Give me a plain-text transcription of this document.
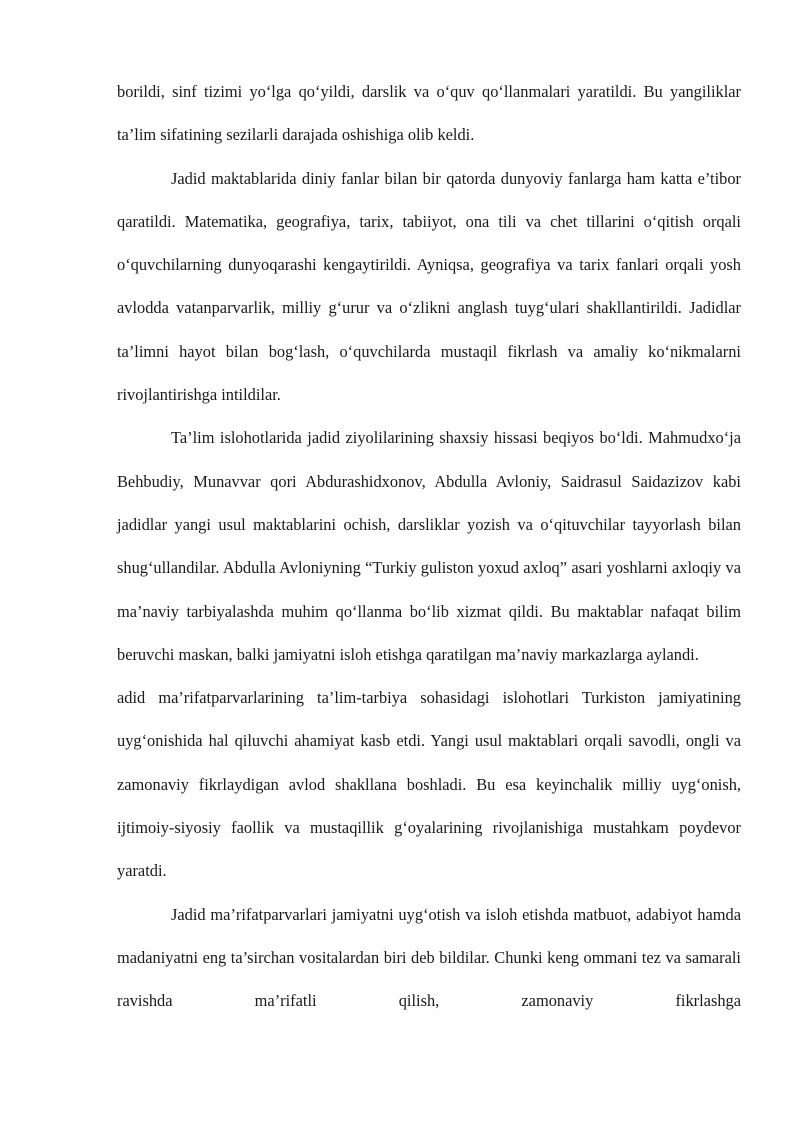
borildi, sinf tizimi yo‘lga qo‘yildi, darslik va o‘quv qo‘llanmalari yaratildi. Bu yangiliklar ta’lim sifatining sezilarli darajada oshishiga olib keldi.

Jadid maktablarida diniy fanlar bilan bir qatorda dunyoviy fanlarga ham katta e’tibor qaratildi. Matematika, geografiya, tarix, tabiiyot, ona tili va chet tillarini o‘qitish orqali o‘quvchilarning dunyoqarashi kengaytirildi. Ayniqsa, geografiya va tarix fanlari orqali yosh avlodda vatanparvarlik, milliy g‘urur va o‘zlikni anglash tuyg‘ulari shakllantirildi. Jadidlar ta’limni hayot bilan bog‘lash, o‘quvchilarda mustaqil fikrlash va amaliy ko‘nikmalarni rivojlantirishga intildilar.

Ta’lim islohotlarida jadid ziyolilarining shaxsiy hissasi beqiyos bo‘ldi. Mahmudxo‘ja Behbudiy, Munavvar qori Abdurashidxonov, Abdulla Avloniy, Saidrasul Saidazizov kabi jadidlar yangi usul maktablarini ochish, darsliklar yozish va o‘qituvchilar tayyorlash bilan shug‘ullandilar. Abdulla Avloniyning “Turkiy guliston yoxud axloq” asari yoshlarni axloqiy va ma’naviy tarbiyalashda muhim qo‘llanma bo‘lib xizmat qildi. Bu maktablar nafaqat bilim beruvchi maskan, balki jamiyatni isloh etishga qaratilgan ma’naviy markazlarga aylandi.

adid ma’rifatparvarlarining ta’lim-tarbiya sohasidagi islohotlari Turkiston jamiyatining uyg‘onishida hal qiluvchi ahamiyat kasb etdi. Yangi usul maktablari orqali savodli, ongli va zamonaviy fikrlaydigan avlod shakllana boshladi. Bu esa keyinchalik milliy uyg‘onish, ijtimoiy-siyosiy faollik va mustaqillik g‘oyalarining rivojlanishiga mustahkam poydevor yaratdi.

Jadid ma’rifatparvarlari jamiyatni uyg‘otish va isloh etishda matbuot, adabiyot hamda madaniyatni eng ta’sirchan vositalardan biri deb bildilar. Chunki keng ommani tez va samarali ravishda ma’rifatli qilish, zamonaviy fikrlashga
